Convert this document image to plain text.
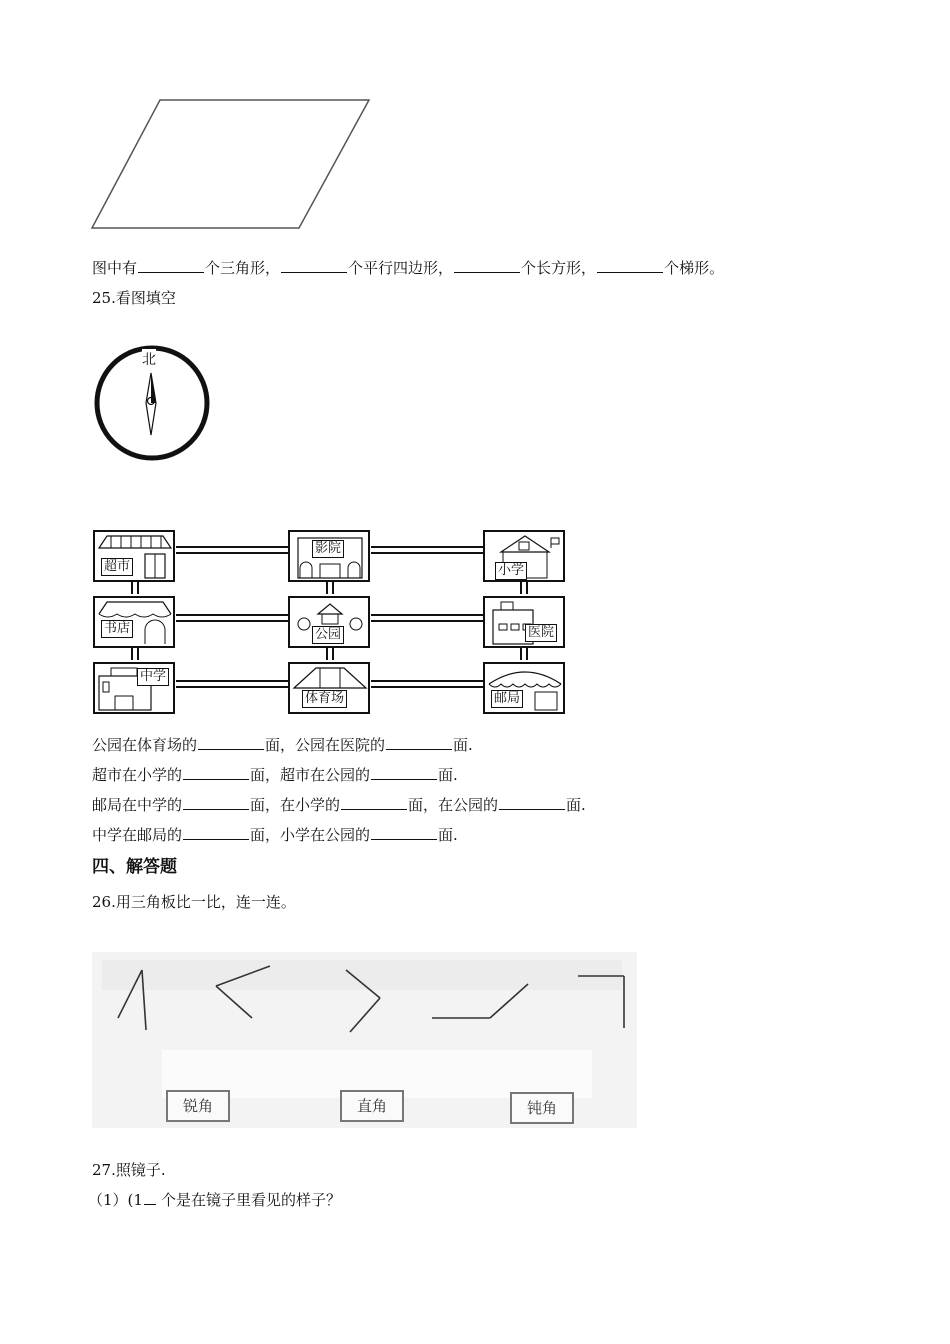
图中有	个三角形，	个平行四边形，	个长方形，	个梯形。
25.看图填空
北
超市
影院
小学
书店	公园	医院
中学
体育场	邮局
公园在体育场的	面，公园在医院的	面.
超市在小学的	面，超市在公园的	面.
邮局在中学的	面，在小学的	面，在公园的	面.
中学在邮局的	面，小学在公园的	面.
四、解答题
26.用三角板比一比，连一连。
锐角	直角	钝角
27.照镜子.
（1）(1 个是在镜子里看见的样子？
